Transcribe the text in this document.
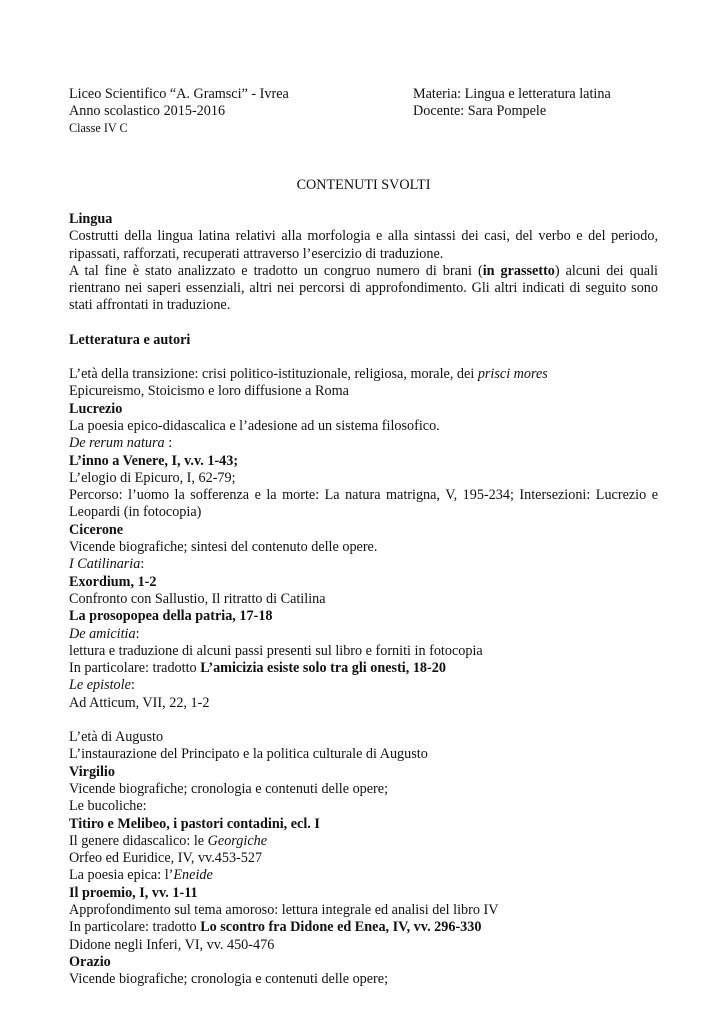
Liceo Scientifico “A. Gramsci” - Ivrea
Anno scolastico 2015-2016
Classe IV C
Materia: Lingua e letteratura latina
Docente: Sara Pompele
CONTENUTI SVOLTI

Lingua

Costrutti della lingua latina relativi alla morfologia e alla sintassi dei casi, del verbo e del periodo, ripassati, rafforzati, recuperati attraverso l’esercizio di traduzione.

A tal fine è stato analizzato e tradotto un congruo numero di brani (in grassetto) alcuni dei quali rientrano nei saperi essenziali, altri nei percorsi di approfondimento. Gli altri indicati di seguito sono stati affrontati in traduzione.

Letteratura e autori

L’età della transizione: crisi politico-istituzionale, religiosa, morale, dei prisci mores

Epicureismo, Stoicismo e loro diffusione a Roma

Lucrezio

La poesia epico-didascalica e l’adesione ad un sistema filosofico.

De rerum natura :

L’inno a Venere, I, v.v. 1-43;

L’elogio di Epicuro, I, 62-79;

Percorso: l’uomo la sofferenza e la morte: La natura matrigna, V, 195-234; Intersezioni: Lucrezio e Leopardi (in fotocopia)

Cicerone

Vicende biografiche; sintesi del contenuto delle opere.

I Catilinaria:

Exordium, 1-2

Confronto con Sallustio, Il ritratto di Catilina

La prosopopea della patria, 17-18

De amicitia:

lettura e traduzione di alcuni passi presenti sul libro e forniti in fotocopia

In particolare: tradotto L’amicizia esiste solo tra gli onesti, 18-20

Le epistole:

Ad Atticum, VII, 22, 1-2

L’età di Augusto

L’instaurazione del Principato e la politica culturale di Augusto

Virgilio

Vicende biografiche; cronologia e contenuti delle opere;

Le bucoliche:

Titiro e Melibeo, i pastori contadini, ecl. I

Il genere didascalico: le Georgiche

Orfeo ed Euridice, IV, vv.453-527

La poesia epica: l’Eneide

Il proemio, I, vv. 1-11

Approfondimento sul tema amoroso: lettura integrale ed analisi del libro IV

In particolare: tradotto Lo scontro fra Didone ed Enea, IV, vv. 296-330

Didone negli Inferi, VI, vv. 450-476

Orazio

Vicende biografiche; cronologia e contenuti delle opere;
